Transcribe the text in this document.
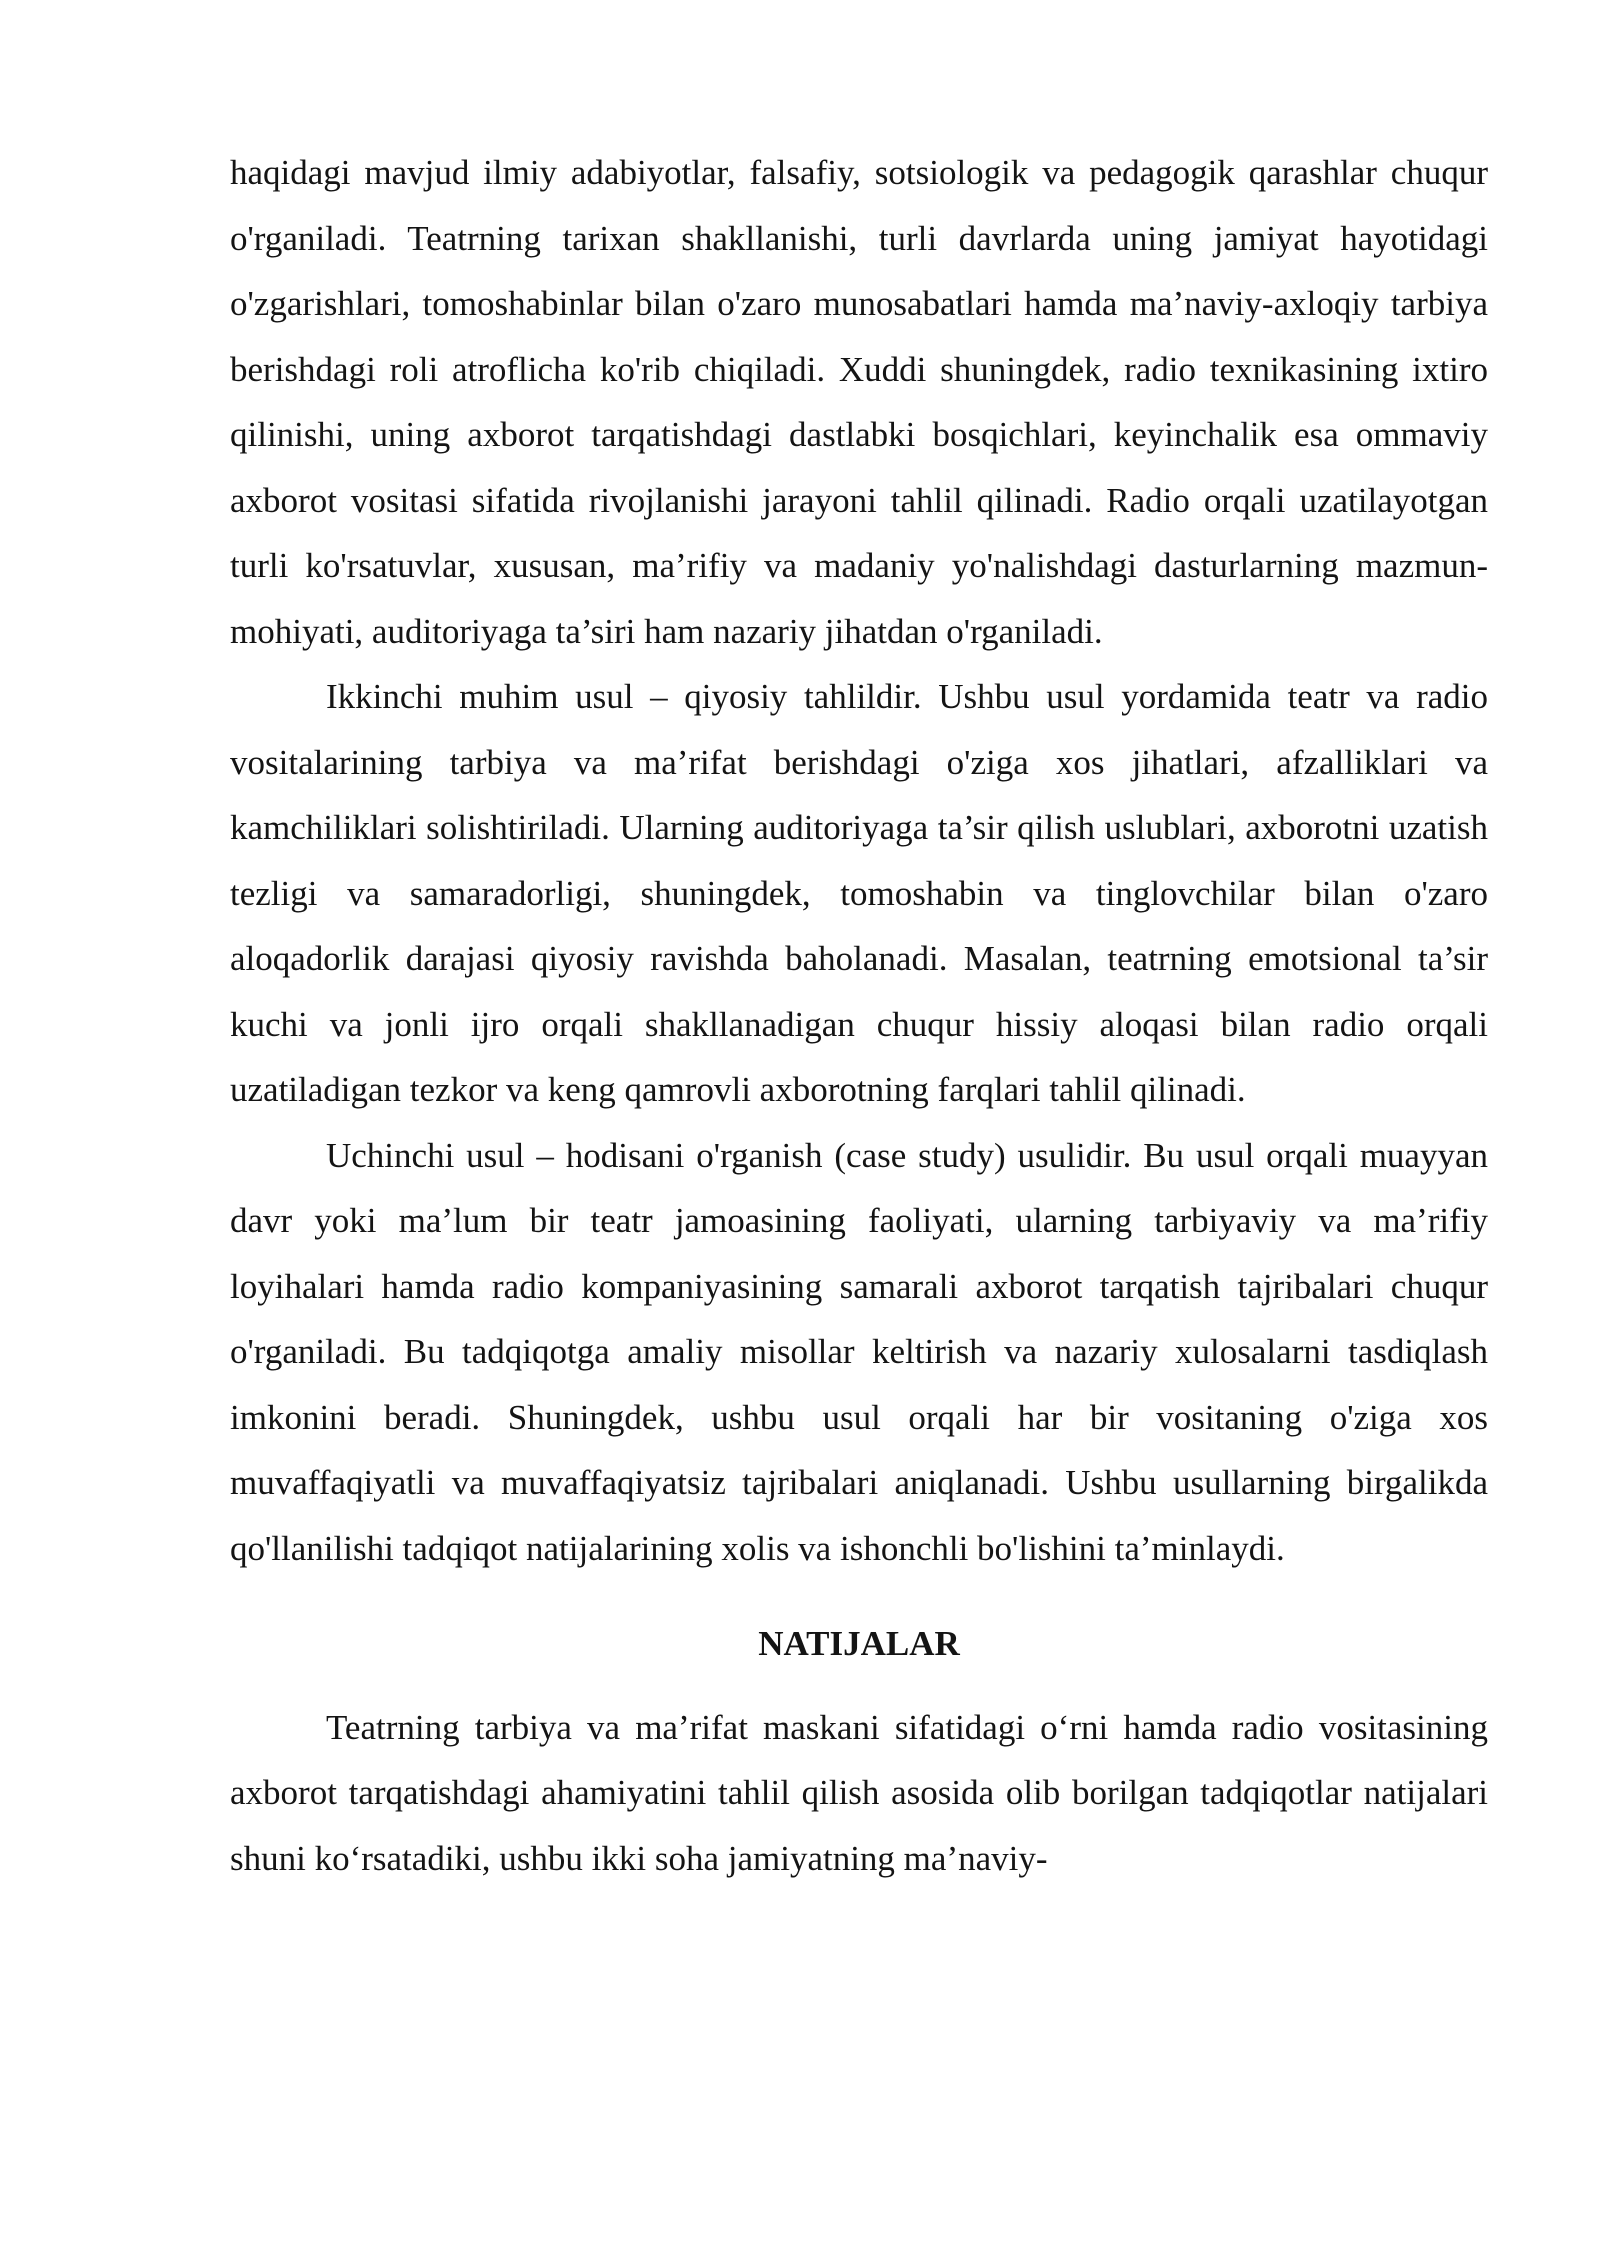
haqidagi mavjud ilmiy adabiyotlar, falsafiy, sotsiologik va pedagogik qarashlar chuqur o'rganiladi. Teatrning tarixan shakllanishi, turli davrlarda uning jamiyat hayotidagi o'zgarishlari, tomoshabinlar bilan o'zaro munosabatlari hamda ma’naviy-axloqiy tarbiya berishdagi roli atroflicha ko'rib chiqiladi. Xuddi shuningdek, radio texnikasining ixtiro qilinishi, uning axborot tarqatishdagi dastlabki bosqichlari, keyinchalik esa ommaviy axborot vositasi sifatida rivojlanishi jarayoni tahlil qilinadi. Radio orqali uzatilayotgan turli ko'rsatuvlar, xususan, ma’rifiy va madaniy yo'nalishdagi dasturlarning mazmun-mohiyati, auditoriyaga ta’siri ham nazariy jihatdan o'rganiladi.

Ikkinchi muhim usul – qiyosiy tahlildir. Ushbu usul yordamida teatr va radio vositalarining tarbiya va ma’rifat berishdagi o'ziga xos jihatlari, afzalliklari va kamchiliklari solishtiriladi. Ularning auditoriyaga ta’sir qilish uslublari, axborotni uzatish tezligi va samaradorligi, shuningdek, tomoshabin va tinglovchilar bilan o'zaro aloqadorlik darajasi qiyosiy ravishda baholanadi. Masalan, teatrning emotsional ta’sir kuchi va jonli ijro orqali shakllanadigan chuqur hissiy aloqasi bilan radio orqali uzatiladigan tezkor va keng qamrovli axborotning farqlari tahlil qilinadi.

Uchinchi usul – hodisani o'rganish (case study) usulidir. Bu usul orqali muayyan davr yoki ma’lum bir teatr jamoasining faoliyati, ularning tarbiyaviy va ma’rifiy loyihalari hamda radio kompaniyasining samarali axborot tarqatish tajribalari chuqur o'rganiladi. Bu tadqiqotga amaliy misollar keltirish va nazariy xulosalarni tasdiqlash imkonini beradi. Shuningdek, ushbu usul orqali har bir vositaning o'ziga xos muvaffaqiyatli va muvaffaqiyatsiz tajribalari aniqlanadi. Ushbu usullarning birgalikda qo'llanilishi tadqiqot natijalarining xolis va ishonchli bo'lishini ta’minlaydi.

NATIJALAR

Teatrning tarbiya va ma’rifat maskani sifatidagi o‘rni hamda radio vositasining axborot tarqatishdagi ahamiyatini tahlil qilish asosida olib borilgan tadqiqotlar natijalari shuni ko‘rsatadiki, ushbu ikki soha jamiyatning ma’naviy-
